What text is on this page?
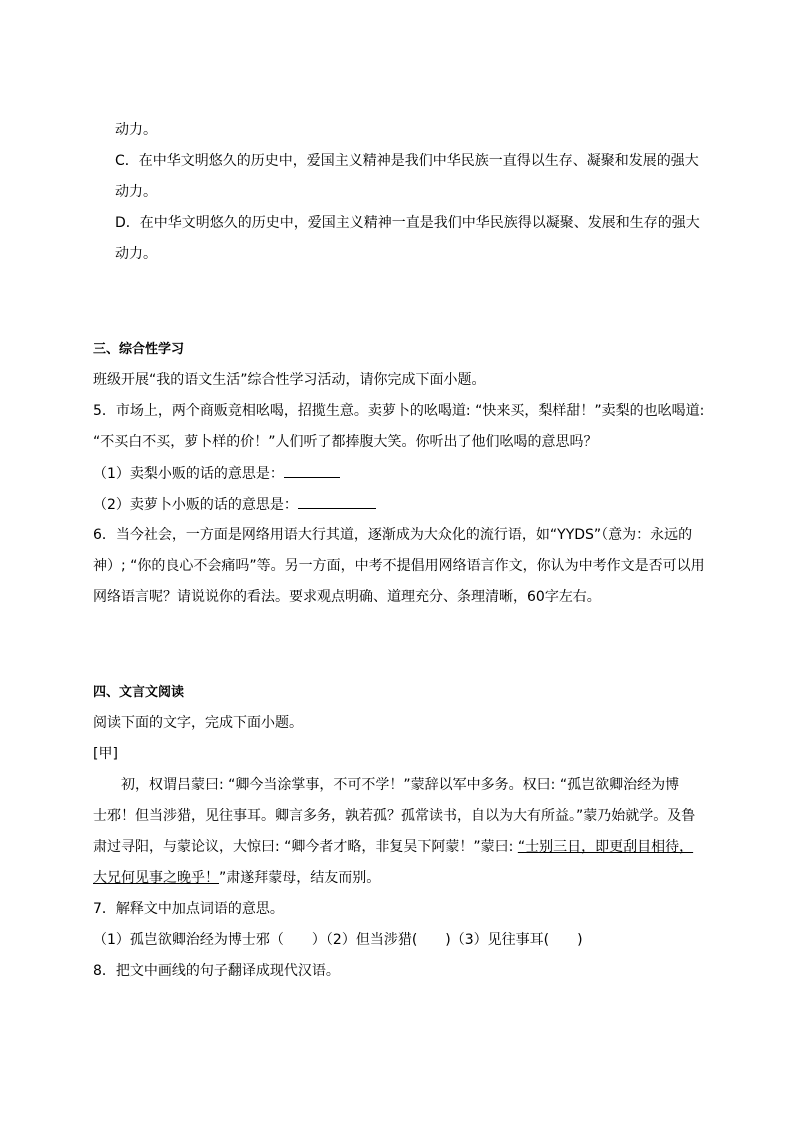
动力。
C．在中华文明悠久的历史中，爱国主义精神是我们中华民族一直得以生存、凝聚和发展的强大
动力。
D．在中华文明悠久的历史中，爱国主义精神一直是我们中华民族得以凝聚、发展和生存的强大
动力。
三、综合性学习
班级开展“我的语文生活”综合性学习活动，请你完成下面小题。
5．市场上，两个商贩竞相吆喝，招揽生意。卖萝卜的吆喝道: “快来买，梨样甜！”卖梨的也吆喝道:
“不买白不买，萝卜样的价！”人们听了都捧腹大笑。你听出了他们吆喝的意思吗？
（1）卖梨小贩的话的意思是：
（2）卖萝卜小贩的话的意思是：
6．当今社会，一方面是网络用语大行其道，逐渐成为大众化的流行语，如“YYDS”（意为：永远的
神）; “你的良心不会痛吗”等。另一方面，中考不提倡用网络语言作文，你认为中考作文是否可以用
网络语言呢？请说说你的看法。要求观点明确、道理充分、条理清晰，60字左右。
四、文言文阅读
阅读下面的文字，完成下面小题。
[甲]
初，权谓吕蒙曰: “卿今当涂掌事，不可不学！”蒙辞以军中多务。权曰: “孤岂欲卿治经为博
士邪！但当涉猎，见往事耳。卿言多务，孰若孤？孤常读书，自以为大有所益。”蒙乃始就学。及鲁
肃过寻阳，与蒙论议，大惊曰: “卿今者才略，非复吴下阿蒙！”蒙曰: “士别三日，即更刮目相待，
大兄何见事之晚乎！”肃遂拜蒙母，结友而别。
7．解释文中加点词语的意思。
（1）孤岂欲卿治经为博士邪（　　）（2）但当涉猎(　　)（3）见往事耳(　　)
8．把文中画线的句子翻译成现代汉语。
